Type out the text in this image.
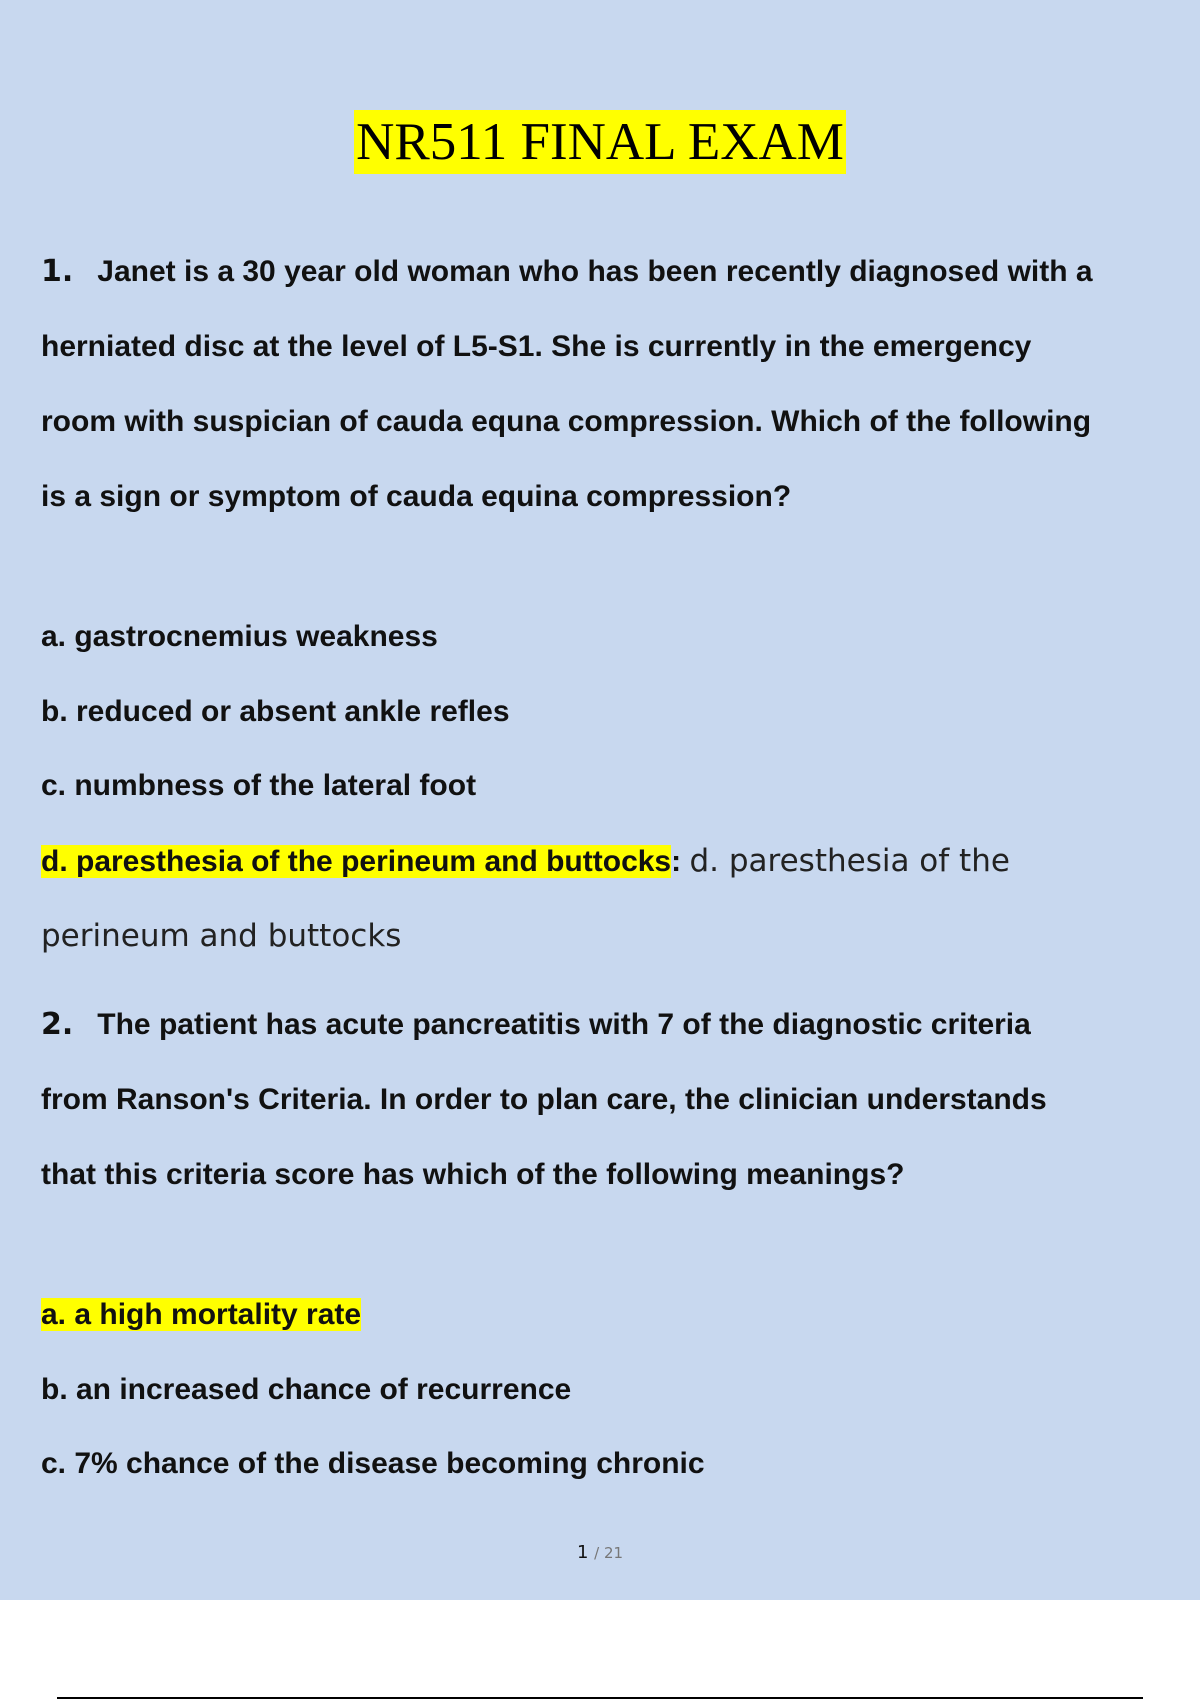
NR511 FINAL EXAM
1. Janet is a 30 year old woman who has been recently diagnosed with a
herniated disc at the level of L5-S1. She is currently in the emergency
room with suspician of cauda equna compression. Which of the following
is a sign or symptom of cauda equina compression?
a. gastrocnemius weakness
b. reduced or absent ankle refles
c. numbness of the lateral foot
d. paresthesia of the perineum and buttocks: d. paresthesia of the
perineum and buttocks
2. The patient has acute pancreatitis with 7 of the diagnostic criteria
from Ranson's Criteria. In order to plan care, the clinician understands
that this criteria score has which of the following meanings?
a. a high mortality rate
b. an increased chance of recurrence
c. 7% chance of the disease becoming chronic
1 / 21
